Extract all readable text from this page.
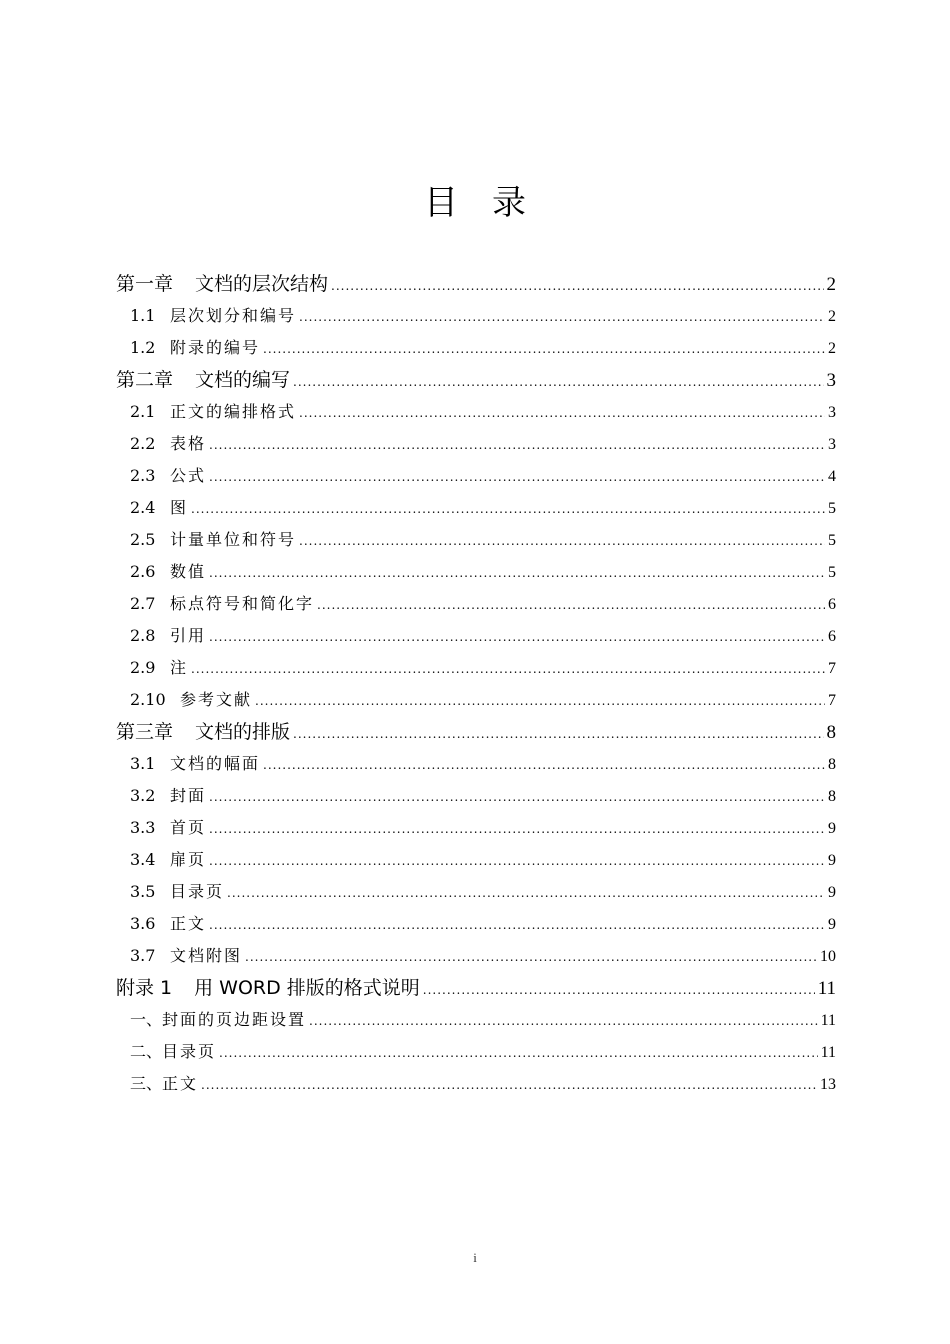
目录
第一章 文档的层次结构 .....	2
1.1 层次划分和编号 .....	2
1.2 附录的编号 .....	2
第二章 文档的编写 .....	3
2.1 正文的编排格式 .....	3
2.2 表格 .....	3
2.3 公式 .....	4
2.4 图 .....	5
2.5 计量单位和符号 .....	5
2.6 数值 .....	5
2.7 标点符号和简化字 .....	6
2.8 引用 .....	6
2.9 注 .....	7
2.10 参考文献 .....	7
第三章 文档的排版 .....	8
3.1 文档的幅面 .....	8
3.2 封面 .....	8
3.3 首页 .....	9
3.4 扉页 .....	9
3.5 目录页 .....	9
3.6 正文 .....	9
3.7 文档附图 .....	10
附录 1 用 WORD 排版的格式说明 .....	11
一、 封面的页边距设置 .....	11
二、 目录页 .....	11
三、 正文 .....	13
i
